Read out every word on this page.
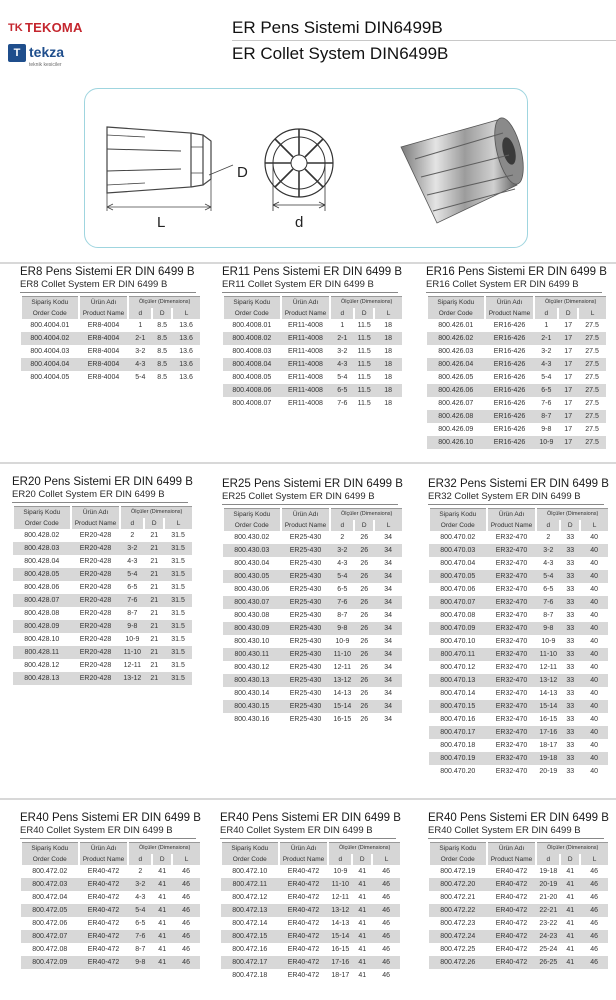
TK TEKOMA
T tekza
teknik kesiciler
ER Pens Sistemi DIN6499B
ER Collet System DIN6499B
D
L	d
ER8 Pens Sistemi ER DIN 6499 B
ER8 Collet System ER DIN 6499 B
Sipariş Kodu	Ürün Adı	Ölçüler (Dimensions)		
Order Code	Product Name	d	D	L
800.4004.01	ER8-4004	1	8.5	13.6
800.4004.02	ER8-4004	2-1	8.5	13.6
800.4004.03	ER8-4004	3-2	8.5	13.6
800.4004.04	ER8-4004	4-3	8.5	13.6
800.4004.05	ER8-4004	5-4	8.5	13.6
ER11 Pens Sistemi ER DIN 6499 B
ER11 Collet System ER DIN 6499 B
Sipariş Kodu	Ürün Adı	Ölçüler (Dimensions)		
Order Code	Product Name	d	D	L
800.4008.01	ER11-4008	1	11.5	18
800.4008.02	ER11-4008	2-1	11.5	18
800.4008.03	ER11-4008	3-2	11.5	18
800.4008.04	ER11-4008	4-3	11.5	18
800.4008.05	ER11-4008	5-4	11.5	18
800.4008.06	ER11-4008	6-5	11.5	18
800.4008.07	ER11-4008	7-6	11.5	18
ER16 Pens Sistemi ER DIN 6499 B
ER16 Collet System ER DIN 6499 B
Sipariş Kodu	Ürün Adı	Ölçüler (Dimensions)		
Order Code	Product Name	d	D	L
800.426.01	ER16-426	1	17	27.5
800.426.02	ER16-426	2-1	17	27.5
800.426.03	ER16-426	3-2	17	27.5
800.426.04	ER16-426	4-3	17	27.5
800.426.05	ER16-426	5-4	17	27.5
800.426.06	ER16-426	6-5	17	27.5
800.426.07	ER16-426	7-6	17	27.5
800.426.08	ER16-426	8-7	17	27.5
800.426.09	ER16-426	9-8	17	27.5
800.426.10	ER16-426	10-9	17	27.5
ER20 Pens Sistemi ER DIN 6499 B
ER20 Collet System ER DIN 6499 B
Sipariş Kodu	Ürün Adı	Ölçüler (Dimensions)		
Order Code	Product Name	d	D	L
800.428.02	ER20-428	2	21	31.5
800.428.03	ER20-428	3-2	21	31.5
800.428.04	ER20-428	4-3	21	31.5
800.428.05	ER20-428	5-4	21	31.5
800.428.06	ER20-428	6-5	21	31.5
800.428.07	ER20-428	7-6	21	31.5
800.428.08	ER20-428	8-7	21	31.5
800.428.09	ER20-428	9-8	21	31.5
800.428.10	ER20-428	10-9	21	31.5
800.428.11	ER20-428	11-10	21	31.5
800.428.12	ER20-428	12-11	21	31.5
800.428.13	ER20-428	13-12	21	31.5
ER25 Pens Sistemi ER DIN 6499 B
ER25 Collet System ER DIN 6499 B
Sipariş Kodu	Ürün Adı	Ölçüler (Dimensions)		
Order Code	Product Name	d	D	L
800.430.02	ER25-430	2	26	34
800.430.03	ER25-430	3-2	26	34
800.430.04	ER25-430	4-3	26	34
800.430.05	ER25-430	5-4	26	34
800.430.06	ER25-430	6-5	26	34
800.430.07	ER25-430	7-6	26	34
800.430.08	ER25-430	8-7	26	34
800.430.09	ER25-430	9-8	26	34
800.430.10	ER25-430	10-9	26	34
800.430.11	ER25-430	11-10	26	34
800.430.12	ER25-430	12-11	26	34
800.430.13	ER25-430	13-12	26	34
800.430.14	ER25-430	14-13	26	34
800.430.15	ER25-430	15-14	26	34
800.430.16	ER25-430	16-15	26	34
ER32 Pens Sistemi ER DIN 6499 B
ER32 Collet System ER DIN 6499 B
Sipariş Kodu	Ürün Adı	Ölçüler (Dimensions)		
Order Code	Product Name	d	D	L
800.470.02	ER32-470	2	33	40
800.470.03	ER32-470	3-2	33	40
800.470.04	ER32-470	4-3	33	40
800.470.05	ER32-470	5-4	33	40
800.470.06	ER32-470	6-5	33	40
800.470.07	ER32-470	7-6	33	40
800.470.08	ER32-470	8-7	33	40
800.470.09	ER32-470	9-8	33	40
800.470.10	ER32-470	10-9	33	40
800.470.11	ER32-470	11-10	33	40
800.470.12	ER32-470	12-11	33	40
800.470.13	ER32-470	13-12	33	40
800.470.14	ER32-470	14-13	33	40
800.470.15	ER32-470	15-14	33	40
800.470.16	ER32-470	16-15	33	40
800.470.17	ER32-470	17-16	33	40
800.470.18	ER32-470	18-17	33	40
800.470.19	ER32-470	19-18	33	40
800.470.20	ER32-470	20-19	33	40
ER40 Pens Sistemi ER DIN 6499 B
ER40 Collet System ER DIN 6499 B
Sipariş Kodu	Ürün Adı	Ölçüler (Dimensions)		
Order Code	Product Name	d	D	L
800.472.02	ER40-472	2	41	46
800.472.03	ER40-472	3-2	41	46
800.472.04	ER40-472	4-3	41	46
800.472.05	ER40-472	5-4	41	46
800.472.06	ER40-472	6-5	41	46
800.472.07	ER40-472	7-6	41	46
800.472.08	ER40-472	8-7	41	46
800.472.09	ER40-472	9-8	41	46
ER40 Pens Sistemi ER DIN 6499 B
ER40 Collet System ER DIN 6499 B
Sipariş Kodu	Ürün Adı	Ölçüler (Dimensions)		
Order Code	Product Name	d	D	L
800.472.10	ER40-472	10-9	41	46
800.472.11	ER40-472	11-10	41	46
800.472.12	ER40-472	12-11	41	46
800.472.13	ER40-472	13-12	41	46
800.472.14	ER40-472	14-13	41	46
800.472.15	ER40-472	15-14	41	46
800.472.16	ER40-472	16-15	41	46
800.472.17	ER40-472	17-16	41	46
800.472.18	ER40-472	18-17	41	46
ER40 Pens Sistemi ER DIN 6499 B
ER40 Collet System ER DIN 6499 B
Sipariş Kodu	Ürün Adı	Ölçüler (Dimensions)		
Order Code	Product Name	d	D	L
800.472.19	ER40-472	19-18	41	46
800.472.20	ER40-472	20-19	41	46
800.472.21	ER40-472	21-20	41	46
800.472.22	ER40-472	22-21	41	46
800.472.23	ER40-472	23-22	41	46
800.472.24	ER40-472	24-23	41	46
800.472.25	ER40-472	25-24	41	46
800.472.26	ER40-472	26-25	41	46
